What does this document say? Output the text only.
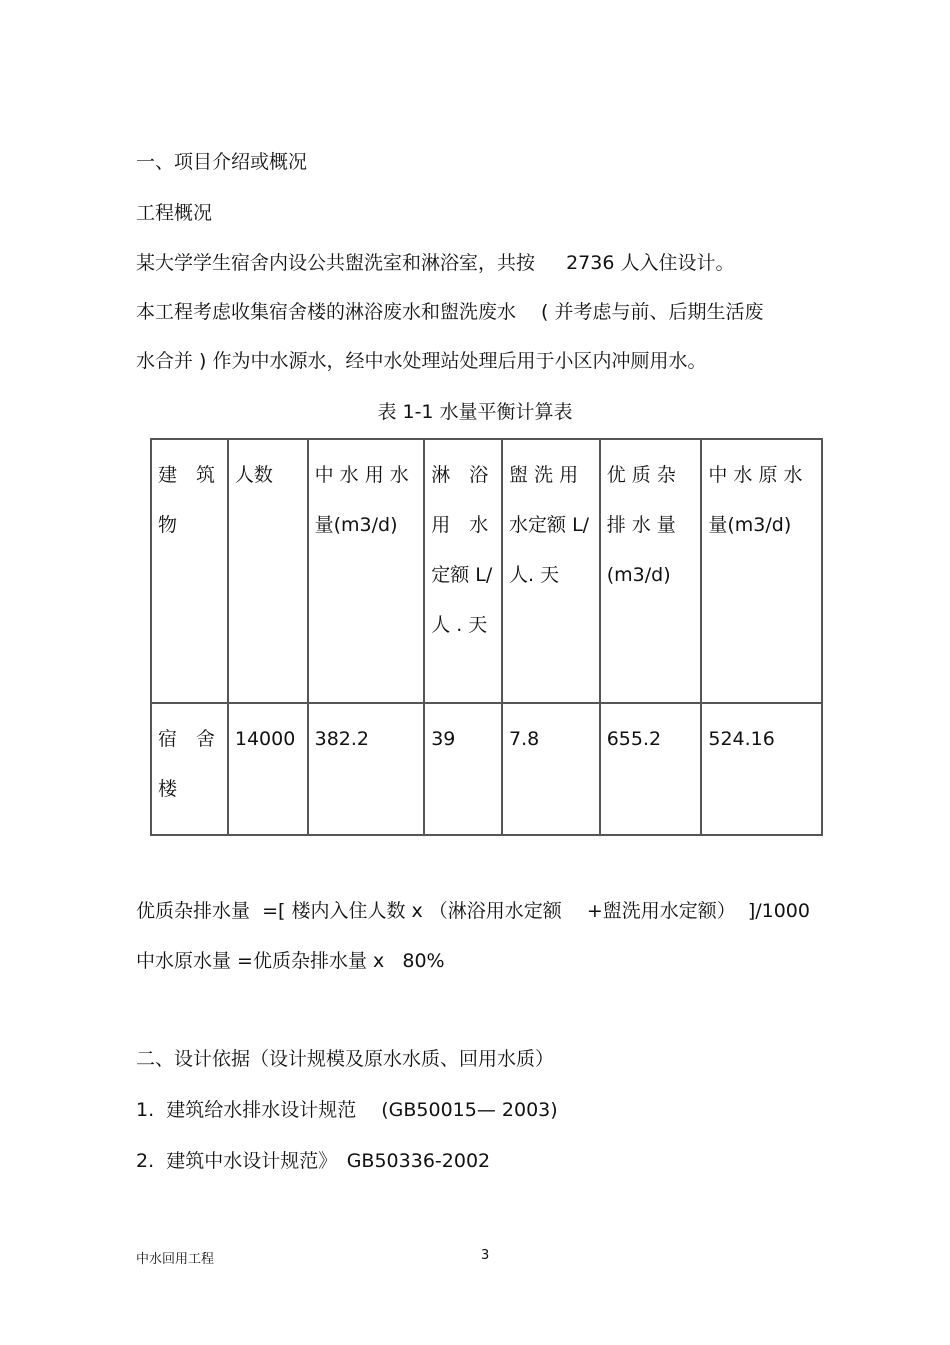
一、项目介绍或概况
工程概况
某大学学生宿舍内设公共盥洗室和淋浴室，共按　  2736 人入住设计。
本工程考虑收集宿舍楼的淋浴废水和盥洗废水　 ( 并考虑与前、后期生活废
水合并 ) 作为中水源水，经中水处理站处理后用于小区内冲厕用水。
表 1-1 水量平衡计算表
建　筑物	人数	中 水 用 水量(m3/d)	淋　浴用　水定额 L/ 人 . 天	盥 洗 用水定额 L/ 人. 天	优 质 杂排 水 量(m3/d)	中 水 原 水量(m3/d)
宿　舍楼	14000	382.2	39	7.8	655.2	524.16
优质杂排水量  =[ 楼内入住人数 x （淋浴用水定额　 +盥洗用水定额）  ]/1000
中水原水量 =优质杂排水量 x   80%
二、设计依据（设计规模及原水水质、回用水质）
1.  建筑给水排水设计规范　 (GB50015— 2003)
2.  建筑中水设计规范》　GB50336-2002
中水回用工程	3
